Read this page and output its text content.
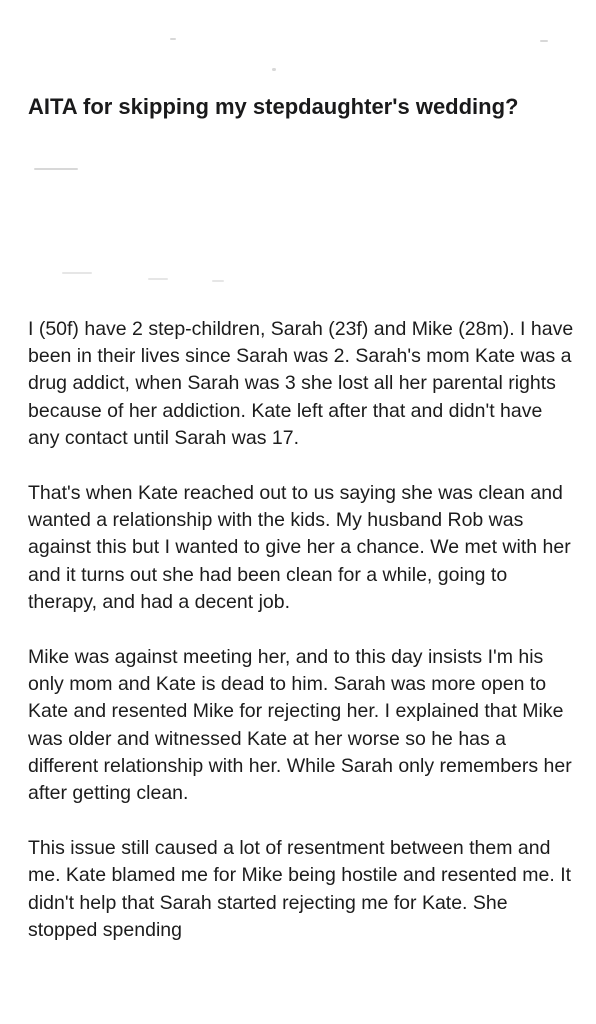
AITA for skipping my stepdaughter's wedding?

I (50f) have 2 step-children, Sarah (23f) and Mike (28m). I have been in their lives since Sarah was 2. Sarah's mom Kate was a drug addict, when Sarah was 3 she lost all her parental rights because of her addiction. Kate left after that and didn't have any contact until Sarah was 17.

That's when Kate reached out to us saying she was clean and wanted a relationship with the kids. My husband Rob was against this but I wanted to give her a chance. We met with her and it turns out she had been clean for a while, going to therapy, and had a decent job.

Mike was against meeting her, and to this day insists I'm his only mom and Kate is dead to him. Sarah was more open to Kate and resented Mike for rejecting her. I explained that Mike was older and witnessed Kate at her worse so he has a different relationship with her. While Sarah only remembers her after getting clean.

This issue still caused a lot of resentment between them and me. Kate blamed me for Mike being hostile and resented me. It didn't help that Sarah started rejecting me for Kate. She stopped spending
